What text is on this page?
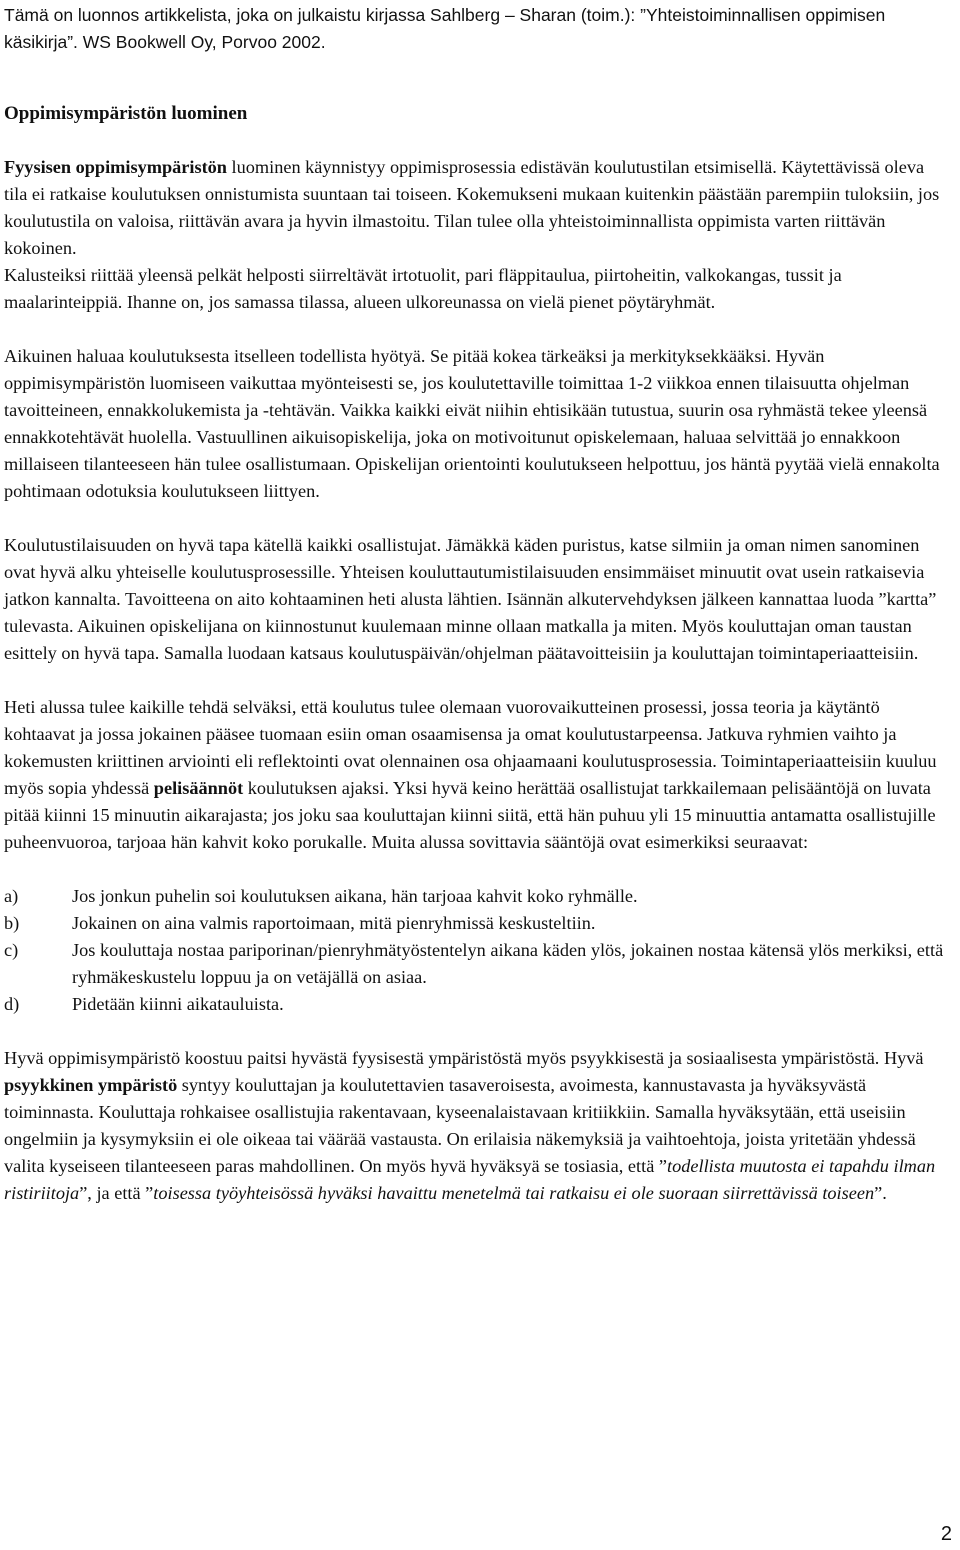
Tämä on luonnos artikkelista, joka on julkaistu kirjassa Sahlberg – Sharan (toim.): ”Yhteistoiminnallisen oppimisen käsikirja”. WS Bookwell Oy, Porvoo 2002.
Oppimisympäristön luominen

Fyysisen oppimisympäristön luominen käynnistyy oppimisprosessia edistävän koulutustilan etsimisellä. Käytettävissä oleva tila ei ratkaise koulutuksen onnistumista suuntaan tai toiseen. Kokemukseni mukaan kuitenkin päästään parempiin tuloksiin, jos koulutustila on valoisa, riittävän avara ja hyvin ilmastoitu. Tilan tulee olla yhteistoiminnallista oppimista varten riittävän kokoinen.

Kalusteiksi riittää yleensä pelkät helposti siirreltävät irtotuolit, pari fläppitaulua, piirtoheitin, valkokangas, tussit ja maalarinteippiä. Ihanne on, jos samassa tilassa, alueen ulkoreunassa on vielä pienet pöytäryhmät.

Aikuinen haluaa koulutuksesta itselleen todellista hyötyä. Se pitää kokea tärkeäksi ja merkityksekkääksi. Hyvän oppimisympäristön luomiseen vaikuttaa myönteisesti se, jos koulutettaville toimittaa 1-2 viikkoa ennen tilaisuutta ohjelman tavoitteineen, ennakkolukemista ja -tehtävän. Vaikka kaikki eivät niihin ehtisikään tutustua, suurin osa ryhmästä tekee yleensä ennakkotehtävät huolella. Vastuullinen aikuisopiskelija, joka on motivoitunut opiskelemaan, haluaa selvittää jo ennakkoon millaiseen tilanteeseen hän tulee osallistumaan. Opiskelijan orientointi koulutukseen helpottuu, jos häntä pyytää vielä ennakolta pohtimaan odotuksia koulutukseen liittyen.

Koulutustilaisuuden on hyvä tapa kätellä kaikki osallistujat. Jämäkkä käden puristus, katse silmiin ja oman nimen sanominen ovat hyvä alku yhteiselle koulutusprosessille. Yhteisen kouluttautumistilaisuuden ensimmäiset minuutit ovat usein ratkaisevia jatkon kannalta. Tavoitteena on aito kohtaaminen heti alusta lähtien. Isännän alkutervehdyksen jälkeen kannattaa luoda ”kartta” tulevasta. Aikuinen opiskelijana on kiinnostunut kuulemaan minne ollaan matkalla ja miten. Myös kouluttajan oman taustan esittely on hyvä tapa. Samalla luodaan katsaus koulutuspäivän/ohjelman päätavoitteisiin ja kouluttajan toimintaperiaatteisiin.

Heti alussa tulee kaikille tehdä selväksi, että koulutus tulee olemaan vuorovaikutteinen prosessi, jossa teoria ja käytäntö kohtaavat ja jossa jokainen pääsee tuomaan esiin oman osaamisensa ja omat koulutustarpeensa. Jatkuva ryhmien vaihto ja kokemusten kriittinen arviointi eli reflektointi ovat olennainen osa ohjaamaani koulutusprosessia. Toimintaperiaatteisiin kuuluu myös sopia yhdessä pelisäännöt koulutuksen ajaksi. Yksi hyvä keino herättää osallistujat tarkkailemaan pelisääntöjä on luvata pitää kiinni 15 minuutin aikarajasta; jos joku saa kouluttajan kiinni siitä, että hän puhuu yli 15 minuuttia antamatta osallistujille puheenvuoroa, tarjoaa hän kahvit koko porukalle. Muita alussa sovittavia sääntöjä ovat esimerkiksi seuraavat:

a)	Jos jonkun puhelin soi koulutuksen aikana, hän tarjoaa kahvit koko ryhmälle.
b)	Jokainen on aina valmis raportoimaan, mitä pienryhmissä keskusteltiin.
c)	Jos kouluttaja nostaa pariporinan/pienryhmätyöstentelyn aikana käden ylös, jokainen nostaa kätensä ylös merkiksi, että ryhmäkeskustelu loppuu ja on vetäjällä on asiaa.
d)	Pidetään kiinni aikatauluista.

Hyvä oppimisympäristö koostuu paitsi hyvästä fyysisestä ympäristöstä myös psyykkisestä ja sosiaalisesta ympäristöstä. Hyvä psyykkinen ympäristö syntyy kouluttajan ja koulutettavien tasaveroisesta, avoimesta, kannustavasta ja hyväksyvästä toiminnasta. Kouluttaja rohkaisee osallistujia rakentavaan, kyseenalaistavaan kritiikkiin. Samalla hyväksytään, että useisiin ongelmiin ja kysymyksiin ei ole oikeaa tai väärää vastausta. On erilaisia näkemyksiä ja vaihtoehtoja, joista yritetään yhdessä valita kyseiseen tilanteeseen paras mahdollinen. On myös hyvä hyväksyä se tosiasia, että ”todellista muutosta ei tapahdu ilman ristiriitoja”, ja että ”toisessa työyhteisössä hyväksi havaittu menetelmä tai ratkaisu ei ole suoraan siirrettävissä toiseen”.

2
